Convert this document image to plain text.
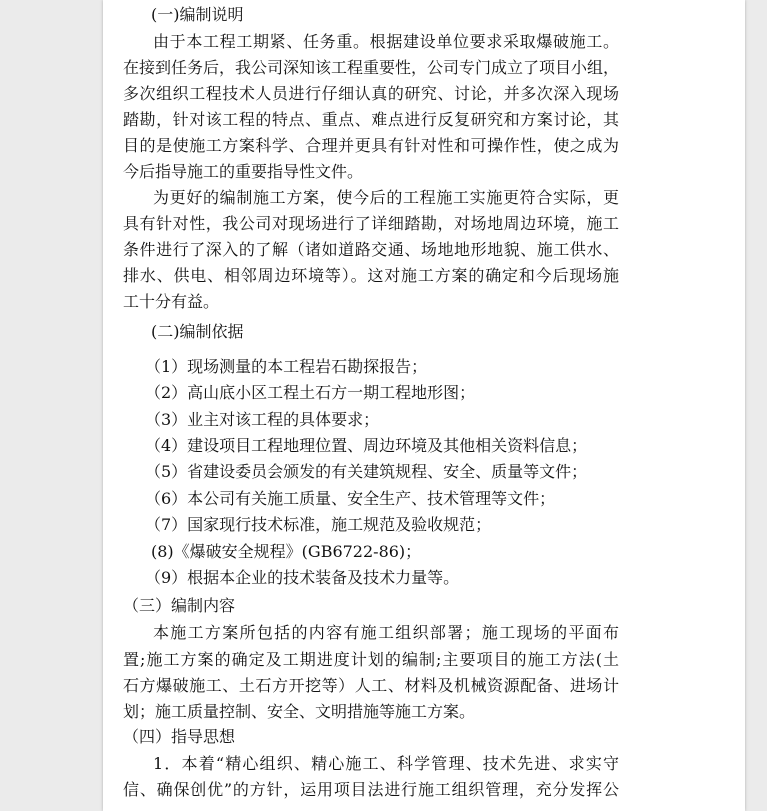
(一)编制说明
由于本工程工期紧、任务重。根据建设单位要求采取爆破施工。
在接到任务后，我公司深知该工程重要性，公司专门成立了项目小组，
多次组织工程技术人员进行仔细认真的研究、讨论，并多次深入现场
踏勘，针对该工程的特点、重点、难点进行反复研究和方案讨论，其
目的是使施工方案科学、合理并更具有针对性和可操作性，使之成为
今后指导施工的重要指导性文件。
为更好的编制施工方案，使今后的工程施工实施更符合实际，更
具有针对性，我公司对现场进行了详细踏勘，对场地周边环境，施工
条件进行了深入的了解（诸如道路交通、场地地形地貌、施工供水、
排水、供电、相邻周边环境等）。这对施工方案的确定和今后现场施
工十分有益。
(二)编制依据
（1）现场测量的本工程岩石勘探报告；
（2）高山底小区工程土石方一期工程地形图；
（3）业主对该工程的具体要求；
（4）建设项目工程地理位置、周边环境及其他相关资料信息；
（5）省建设委员会颁发的有关建筑规程、安全、质量等文件；
（6）本公司有关施工质量、安全生产、技术管理等文件；
（7）国家现行技术标准，施工规范及验收规范；
(8)《爆破安全规程》(GB6722-86)；
（9）根据本企业的技术装备及技术力量等。
（三）编制内容
本施工方案所包括的内容有施工组织部署；施工现场的平面布
置;施工方案的确定及工期进度计划的编制;主要项目的施工方法(土
石方爆破施工、土石方开挖等）人工、材料及机械资源配备、进场计
划；施工质量控制、安全、文明措施等施工方案。
（四）指导思想
1．本着“精心组织、精心施工、科学管理、技术先进、求实守
信、确保创优”的方针，运用项目法进行施工组织管理，充分发挥公
